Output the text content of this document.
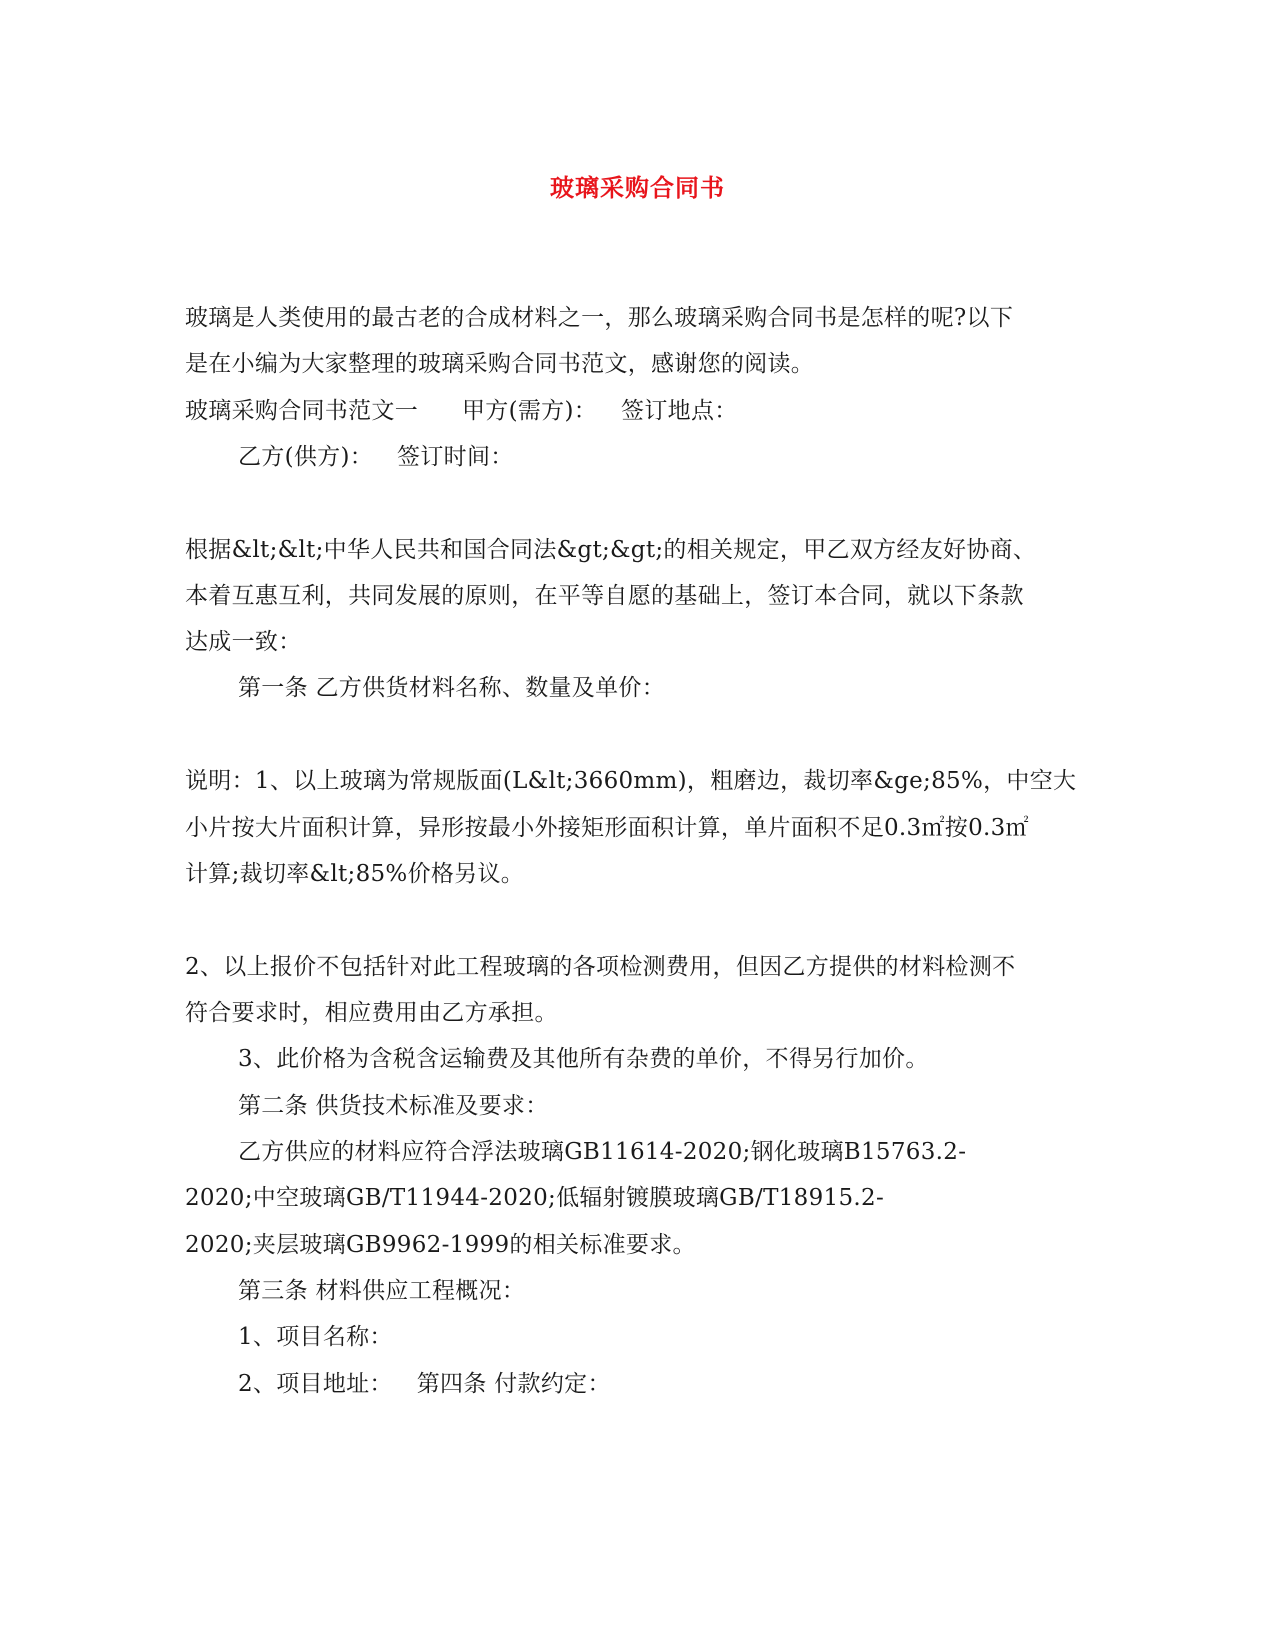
玻璃采购合同书
玻璃是人类使用的最古老的合成材料之一，那么玻璃采购合同书是怎样的呢?以下
是在小编为大家整理的玻璃采购合同书范文，感谢您的阅读。
玻璃采购合同书范文一 甲方(需方)： 签订地点：
乙方(供方)： 签订时间：
根据&lt;&lt;中华人民共和国合同法&gt;&gt;的相关规定，甲乙双方经友好协商、
本着互惠互利，共同发展的原则，在平等自愿的基础上，签订本合同，就以下条款
达成一致：
第一条 乙方供货材料名称、数量及单价：
说明：1、以上玻璃为常规版面(L&lt;3660mm)，粗磨边，裁切率&ge;85%，中空大
小片按大片面积计算，异形按最小外接矩形面积计算，单片面积不足0.3㎡按0.3㎡
计算;裁切率&lt;85%价格另议。
2、以上报价不包括针对此工程玻璃的各项检测费用，但因乙方提供的材料检测不
符合要求时，相应费用由乙方承担。
3、此价格为含税含运输费及其他所有杂费的单价，不得另行加价。
第二条 供货技术标准及要求：
乙方供应的材料应符合浮法玻璃GB11614-2020;钢化玻璃B15763.2-
2020;中空玻璃GB/T11944-2020;低辐射镀膜玻璃GB/T18915.2-
2020;夹层玻璃GB9962-1999的相关标准要求。
第三条 材料供应工程概况：
1、项目名称：
2、项目地址： 第四条 付款约定：
